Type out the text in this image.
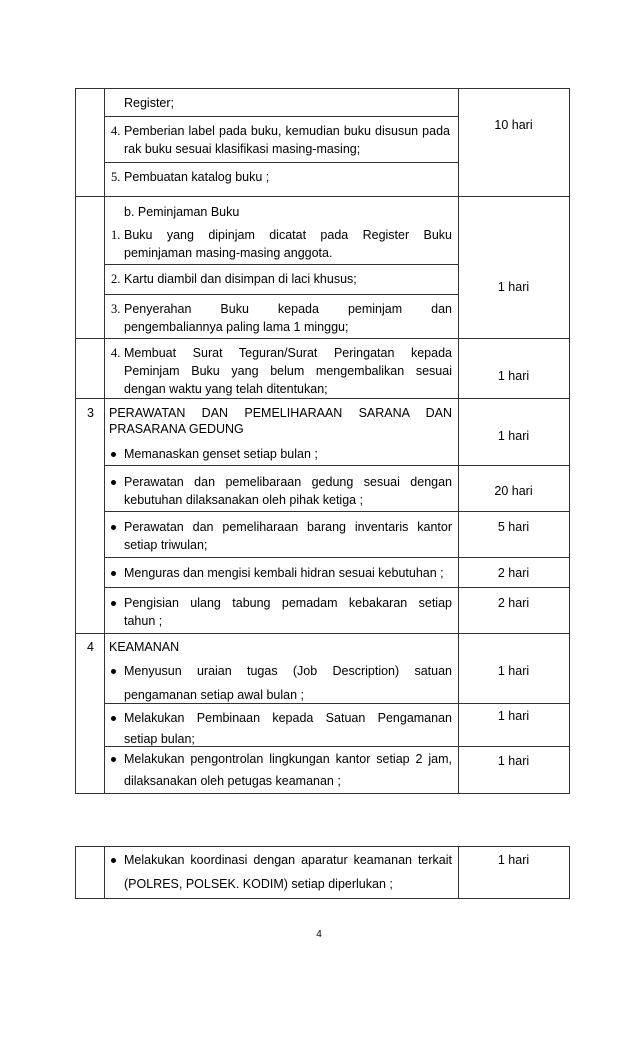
Register;
4. Pemberian label pada buku, kemudian buku disusun pada
rak buku sesuai klasifikasi masing-masing;
5. Pembuatan katalog buku ;
10 hari
b. Peminjaman Buku
1. Buku yang dipinjam dicatat pada Register Buku
peminjaman masing-masing anggota.
2. Kartu diambil dan disimpan di laci khusus;
3. Penyerahan Buku kepada peminjam dan
pengembaliannya paling lama 1 minggu;
1 hari
4. Membuat Surat Teguran/Surat Peringatan kepada
Peminjam Buku yang belum mengembalikan sesuai
dengan waktu yang telah ditentukan;
1 hari
3 PERAWATAN DAN PEMELIHARAAN SARANA DAN
PRASARANA GEDUNG
Memanaskan genset setiap bulan ;
1 hari
Perawatan dan pemelibaraan gedung sesuai dengan
kebutuhan dilaksanakan oleh pihak ketiga ;
20 hari
Perawatan dan pemeliharaan barang inventaris kantor
setiap triwulan;
5 hari
Menguras dan mengisi kembali hidran sesuai kebutuhan ;	2 hari
Pengisian ulang tabung pemadam kebakaran setiap
tahun ;
2 hari
4 KEAMANAN
Menyusun uraian tugas (Job Description) satuan
pengamanan setiap awal bulan ;
1 hari
Melakukan Pembinaan kepada Satuan Pengamanan
setiap bulan;
1 hari
Melakukan pengontrolan lingkungan kantor setiap 2 jam,
dilaksanakan oleh petugas keamanan ;
1 hari
Melakukan koordinasi dengan aparatur keamanan terkait
(POLRES, POLSEK. KODIM) setiap diperlukan ;
1 hari
4
